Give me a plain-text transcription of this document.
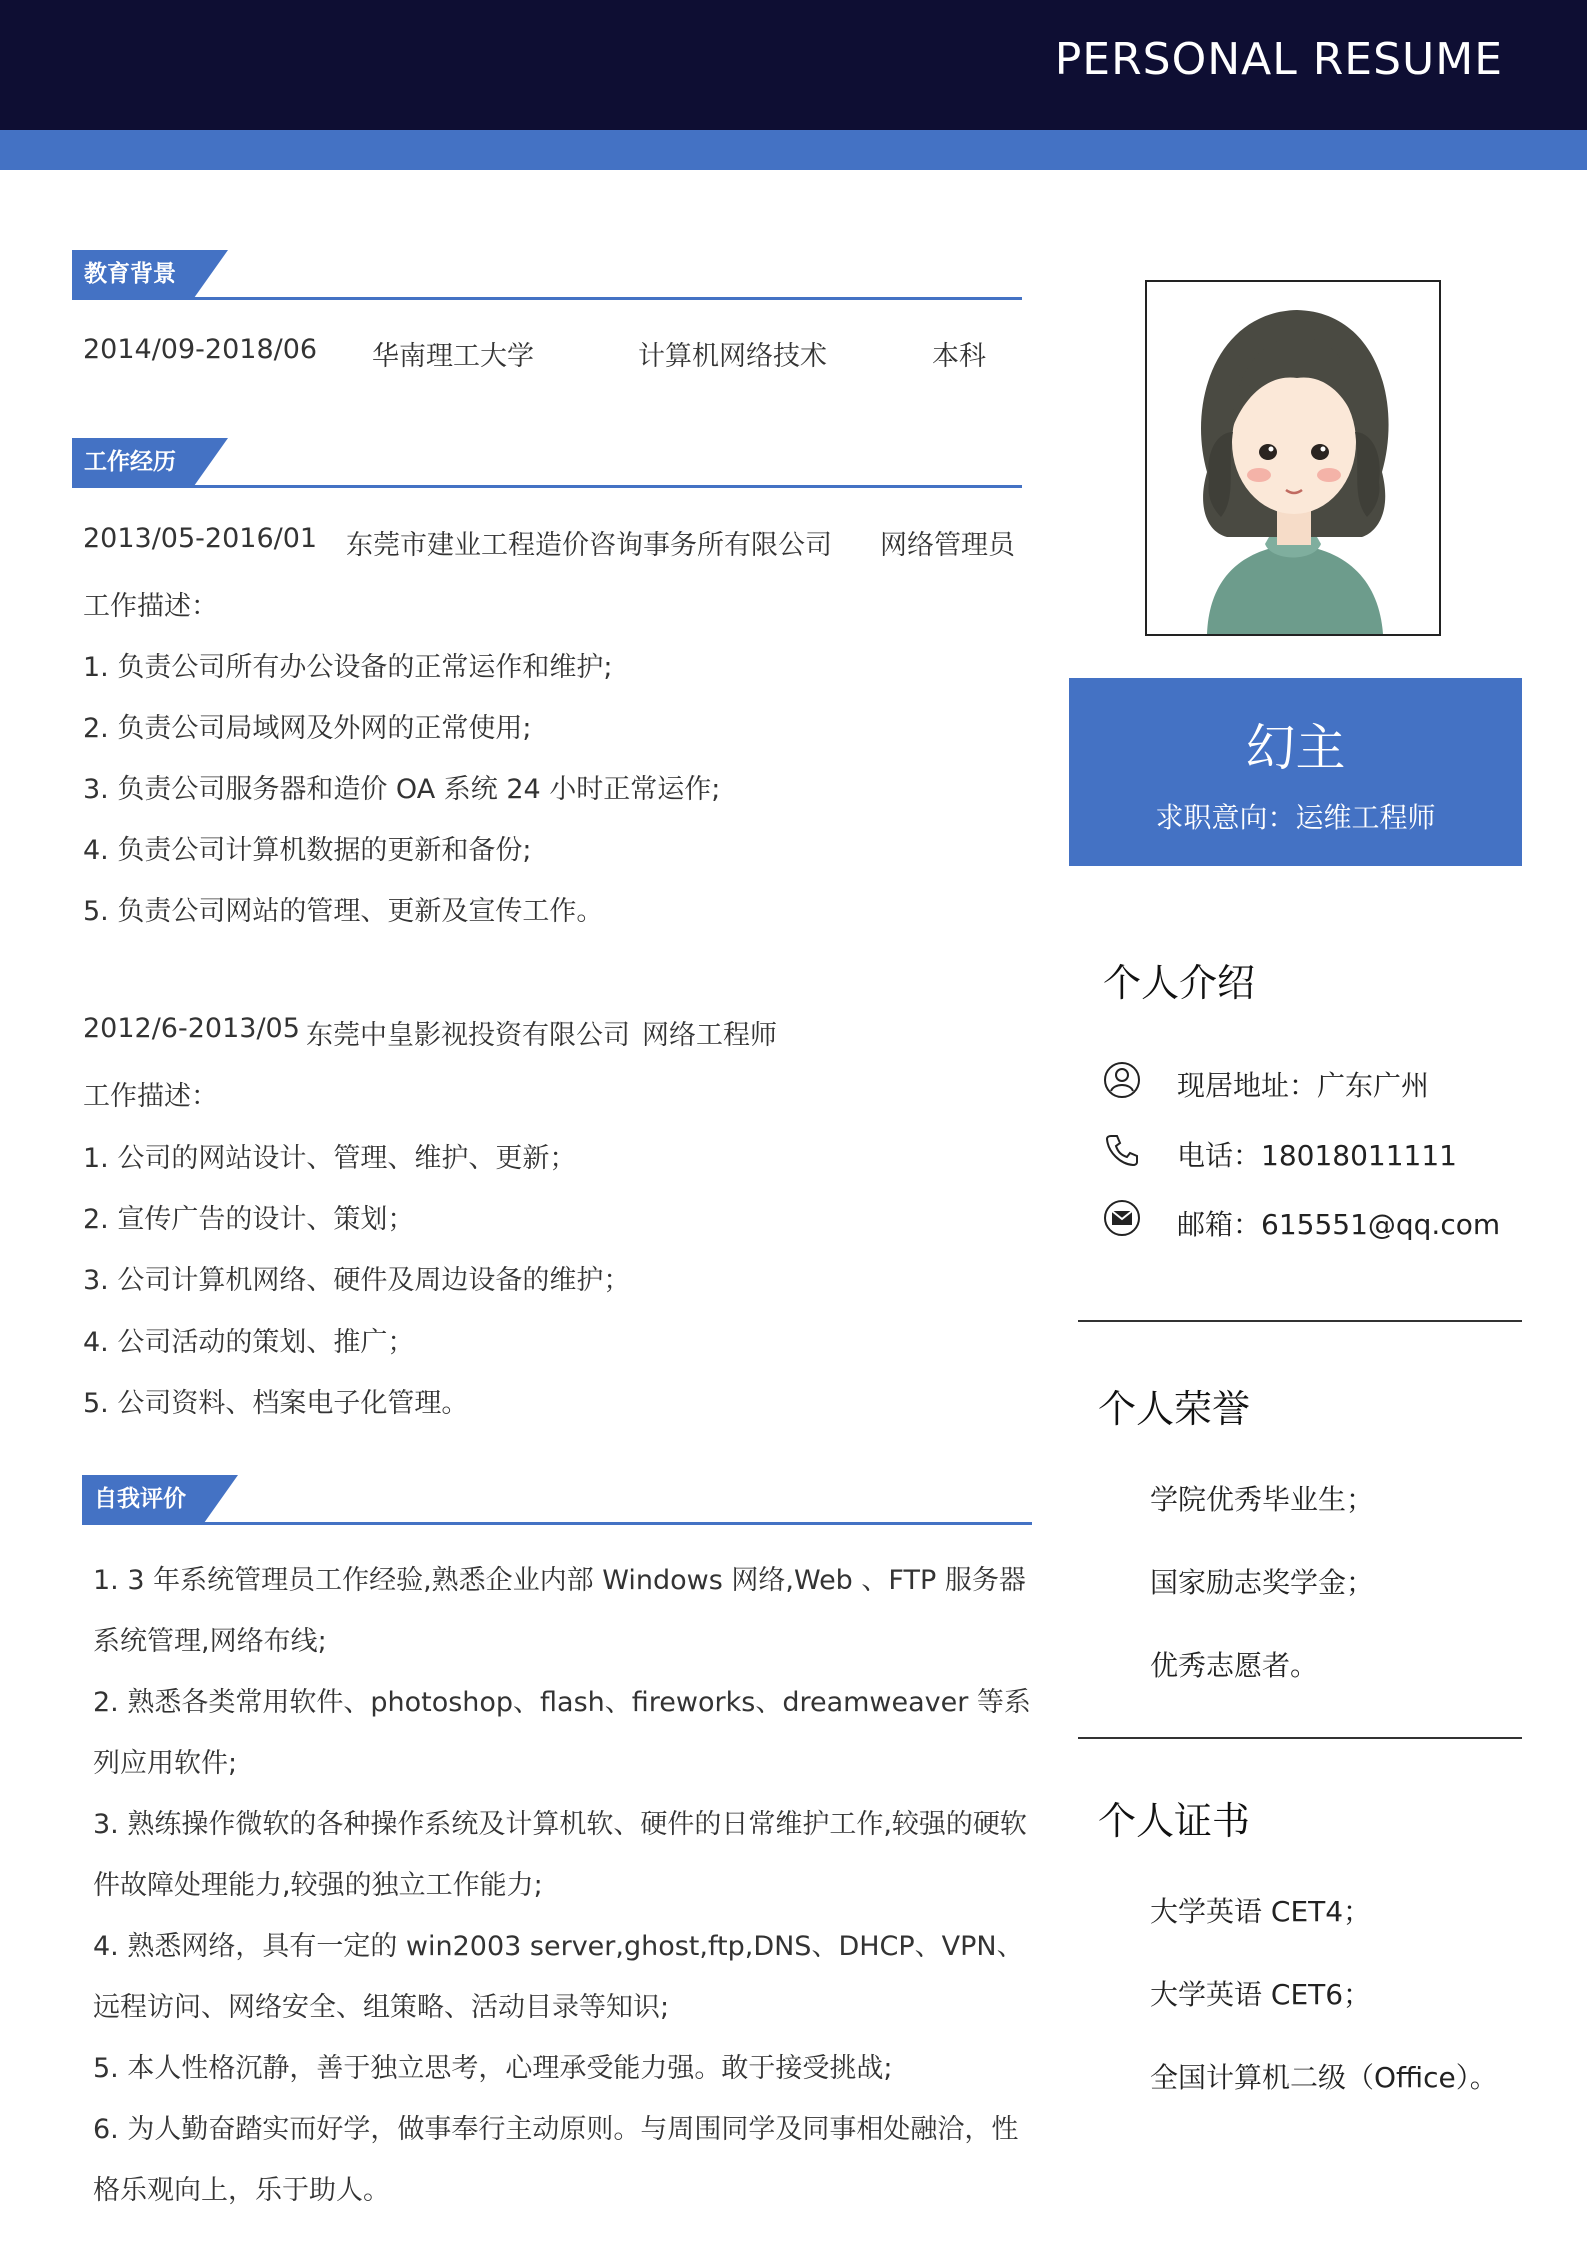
PERSONAL RESUME
教育背景
2014/09-2018/06 华南理工大学	计算机网络技术	本科
工作经历
2013/05-2016/01 东莞市建业工程造价咨询事务所有限公司 网络管理员
工作描述：
1. 负责公司所有办公设备的正常运作和维护;
2. 负责公司局域网及外网的正常使用;
3. 负责公司服务器和造价 OA 系统 24 小时正常运作;
4. 负责公司计算机数据的更新和备份;
5. 负责公司网站的管理、更新及宣传工作。
2012/6-2013/05 东莞中皇影视投资有限公司 网络工程师
工作描述：
1. 公司的网站设计、管理、维护、更新；
2. 宣传广告的设计、策划；
3. 公司计算机网络、硬件及周边设备的维护；
4. 公司活动的策划、推广；
5. 公司资料、档案电子化管理。
自我评价
1. 3 年系统管理员工作经验,熟悉企业内部 Windows 网络,Web 、FTP 服务器系统管理,网络布线;
2. 熟悉各类常用软件、photoshop、flash、fireworks、dreamweaver 等系列应用软件;
3. 熟练操作微软的各种操作系统及计算机软、硬件的日常维护工作,较强的硬软件故障处理能力,较强的独立工作能力;
4. 熟悉网络，具有一定的 win2003 server,ghost,ftp,DNS、DHCP、VPN、远程访问、网络安全、组策略、活动目录等知识;
5. 本人性格沉静，善于独立思考，心理承受能力强。敢于接受挑战;
6. 为人勤奋踏实而好学，做事奉行主动原则。与周围同学及同事相处融洽，性格乐观向上，乐于助人。
幻主
求职意向：运维工程师
个人介绍
现居地址：广东广州
电话：18018011111
邮箱：615551@qq.com
个人荣誉
学院优秀毕业生；
国家励志奖学金；
优秀志愿者。
个人证书
大学英语 CET4；
大学英语 CET6；
全国计算机二级（Office）。
